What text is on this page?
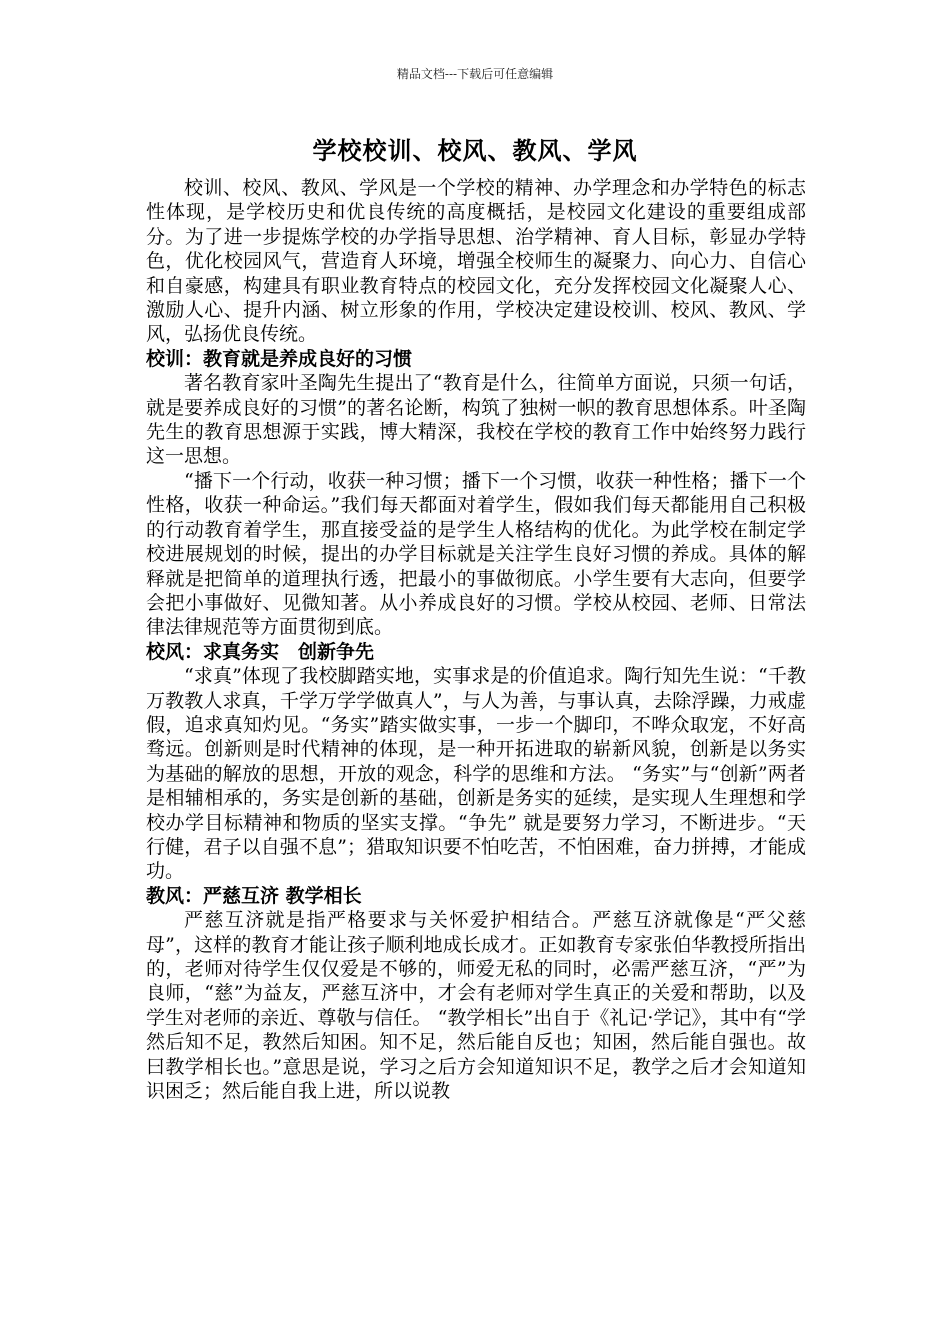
精品文档---下载后可任意编辑
学校校训、校风、教风、学风

校训、校风、教风、学风是一个学校的精神、办学理念和办学特色的标志性体现，是学校历史和优良传统的高度概括，是校园文化建设的重要组成部分。为了进一步提炼学校的办学指导思想、治学精神、育人目标，彰显办学特色，优化校园风气，营造育人环境，增强全校师生的凝聚力、向心力、自信心和自豪感，构建具有职业教育特点的校园文化，充分发挥校园文化凝聚人心、激励人心、提升内涵、树立形象的作用，学校决定建设校训、校风、教风、学风，弘扬优良传统。

校训：教育就是养成良好的习惯

著名教育家叶圣陶先生提出了“教育是什么，往简单方面说，只须一句话，就是要养成良好的习惯”的著名论断，构筑了独树一帜的教育思想体系。叶圣陶先生的教育思想源于实践，博大精深，我校在学校的教育工作中始终努力践行这一思想。

“播下一个行动，收获一种习惯；播下一个习惯，收获一种性格；播下一个性格，收获一种命运。”我们每天都面对着学生，假如我们每天都能用自己积极的行动教育着学生，那直接受益的是学生人格结构的优化。为此学校在制定学校进展规划的时候，提出的办学目标就是关注学生良好习惯的养成。具体的解释就是把简单的道理执行透，把最小的事做彻底。小学生要有大志向，但要学会把小事做好、见微知著。从小养成良好的习惯。学校从校园、老师、日常法律法律规范等方面贯彻到底。

校风：求真务实　创新争先

“求真”体现了我校脚踏实地，实事求是的价值追求。陶行知先生说：“千教万教教人求真，千学万学学做真人”，与人为善，与事认真，去除浮躁，力戒虚假，追求真知灼见。“务实”踏实做实事，一步一个脚印，不哗众取宠，不好高骛远。创新则是时代精神的体现，是一种开拓进取的崭新风貌，创新是以务实为基础的解放的思想，开放的观念，科学的思维和方法。 “务实”与“创新”两者是相辅相承的，务实是创新的基础，创新是务实的延续，是实现人生理想和学校办学目标精神和物质的坚实支撑。“争先” 就是要努力学习，不断进步。“天行健，君子以自强不息”；猎取知识要不怕吃苦，不怕困难，奋力拼搏，才能成功。

教风：严慈互济 教学相长

严慈互济就是指严格要求与关怀爱护相结合。严慈互济就像是“严父慈母”，这样的教育才能让孩子顺利地成长成才。正如教育专家张伯华教授所指出的，老师对待学生仅仅爱是不够的，师爱无私的同时，必需严慈互济，“严”为良师，“慈”为益友，严慈互济中，才会有老师对学生真正的关爱和帮助，以及学生对老师的亲近、尊敬与信任。 “教学相长”出自于《礼记·学记》，其中有“学然后知不足，教然后知困。知不足，然后能自反也；知困，然后能自强也。故曰教学相长也。”意思是说，学习之后方会知道知识不足，教学之后才会知道知识困乏；然后能自我上进，所以说教
